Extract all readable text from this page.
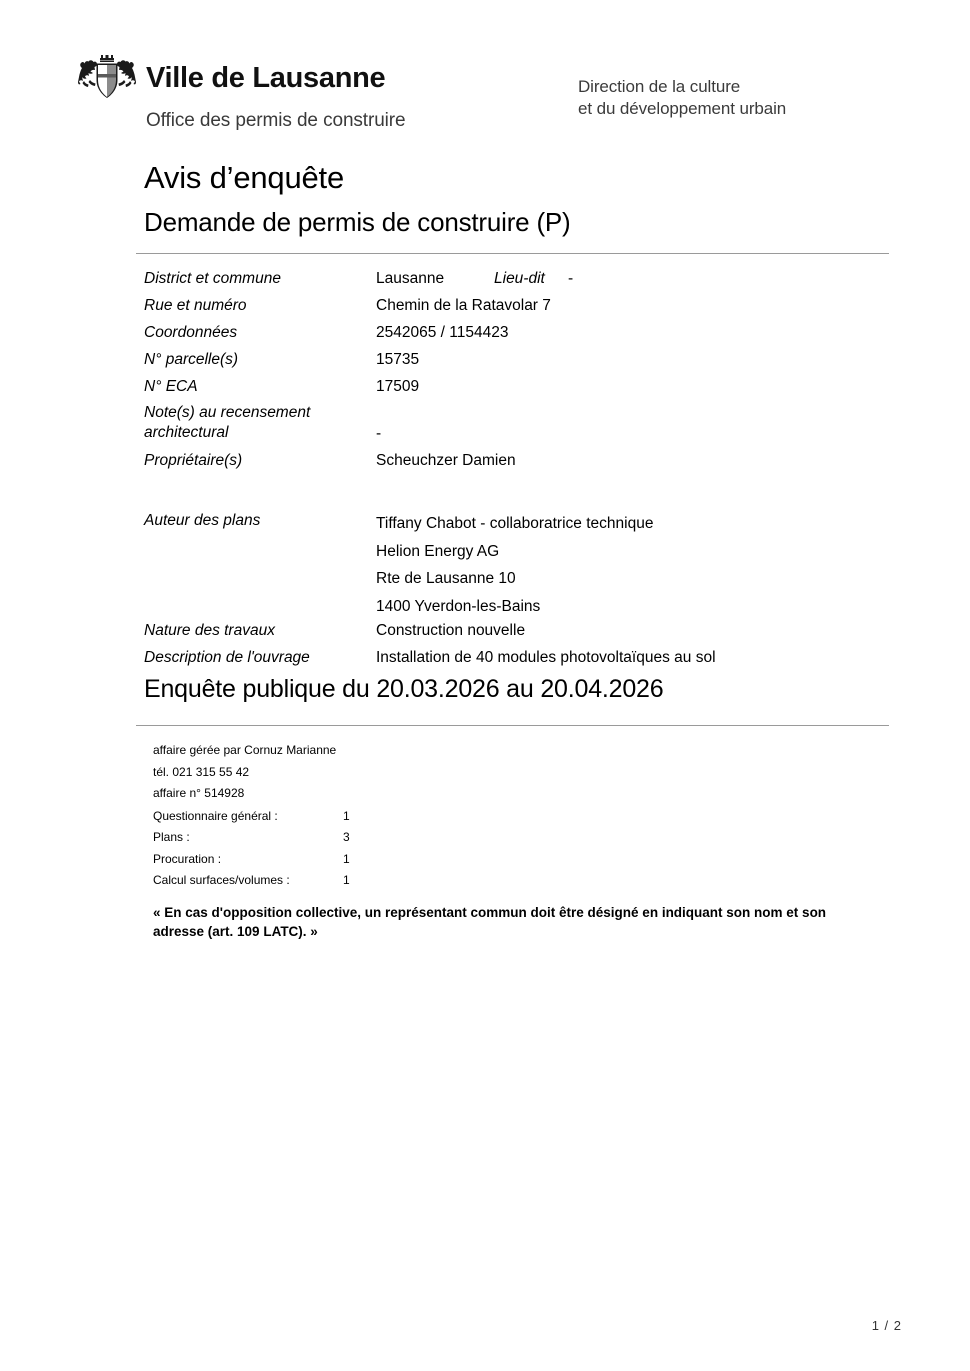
Ville de Lausanne
Office des permis de construire
Direction de la culture
et du développement urbain
Avis d’enquête
Demande de permis de construire (P)
District et commune	Lausanne	Lieu-dit	-
Rue et numéro	Chemin de la Ratavolar 7
Coordonnées	2542065 / 1154423
N° parcelle(s)	15735
N° ECA	17509
Note(s) au recensement
architectural	-
Propriétaire(s)	Scheuchzer Damien
Auteur des plans	Tiffany Chabot - collaboratrice technique
Helion Energy AG
Rte de Lausanne 10
1400 Yverdon-les-Bains
Nature des travaux	Construction nouvelle
Description de l'ouvrage	Installation de 40 modules photovoltaïques au sol
Enquête publique du 20.03.2026 au 20.04.2026
affaire gérée par Cornuz Marianne
tél. 021 315 55 42
affaire n° 514928
Questionnaire général :	1
Plans :	3
Procuration :	1
Calcul surfaces/volumes :	1
« En cas d'opposition collective, un représentant commun doit être désigné en indiquant son nom et son adresse (art. 109 LATC). »
1 / 2
